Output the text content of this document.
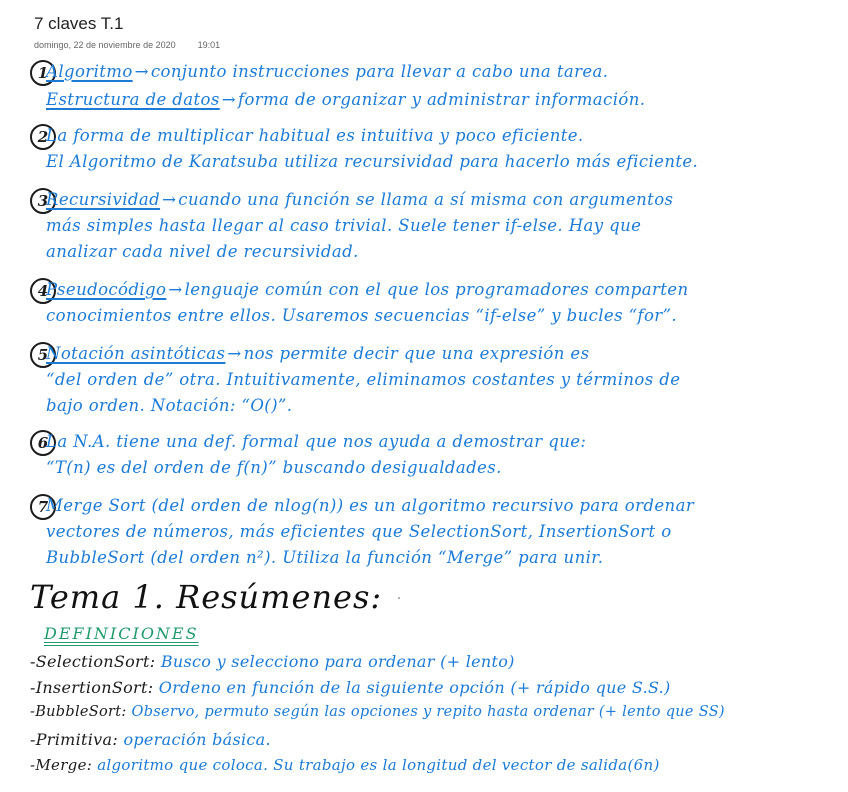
7 claves T.1
domingo, 22 de noviembre de 2020 19:01
1
Algoritmo → conjunto instrucciones para llevar a cabo una tarea.
Estructura de datos → forma de organizar y administrar información.
2
La forma de multiplicar habitual es intuitiva y poco eficiente.
El Algoritmo de Karatsuba utiliza recursividad para hacerlo más eficiente.
3
Recursividad → cuando una función se llama a sí misma con argumentos
más simples hasta llegar al caso trivial. Suele tener if-else. Hay que
analizar cada nivel de recursividad.
4
Pseudocódigo → lenguaje común con el que los programadores comparten
conocimientos entre ellos. Usaremos secuencias “if-else” y bucles “for”.
5
Notación asintóticas → nos permite decir que una expresión es
“del orden de” otra. Intuitivamente, eliminamos costantes y términos de
bajo orden. Notación: “O()”.
6
La N.A. tiene una def. formal que nos ayuda a demostrar que:
“T(n) es del orden de f(n)” buscando desigualdades.
7
Merge Sort (del orden de nlog(n)) es un algoritmo recursivo para ordenar
vectores de números, más eficientes que SelectionSort, InsertionSort o
BubbleSort (del orden n²). Utiliza la función “Merge” para unir.
Tema 1. Resúmenes:
DEFINICIONES
-SelectionSort: Busco y selecciono para ordenar (+ lento)
-InsertionSort: Ordeno en función de la siguiente opción (+ rápido que S.S.)
-BubbleSort: Observo, permuto según las opciones y repito hasta ordenar (+ lento que SS)
-Primitiva: operación básica.
-Merge: algoritmo que coloca. Su trabajo es la longitud del vector de salida(6n)
